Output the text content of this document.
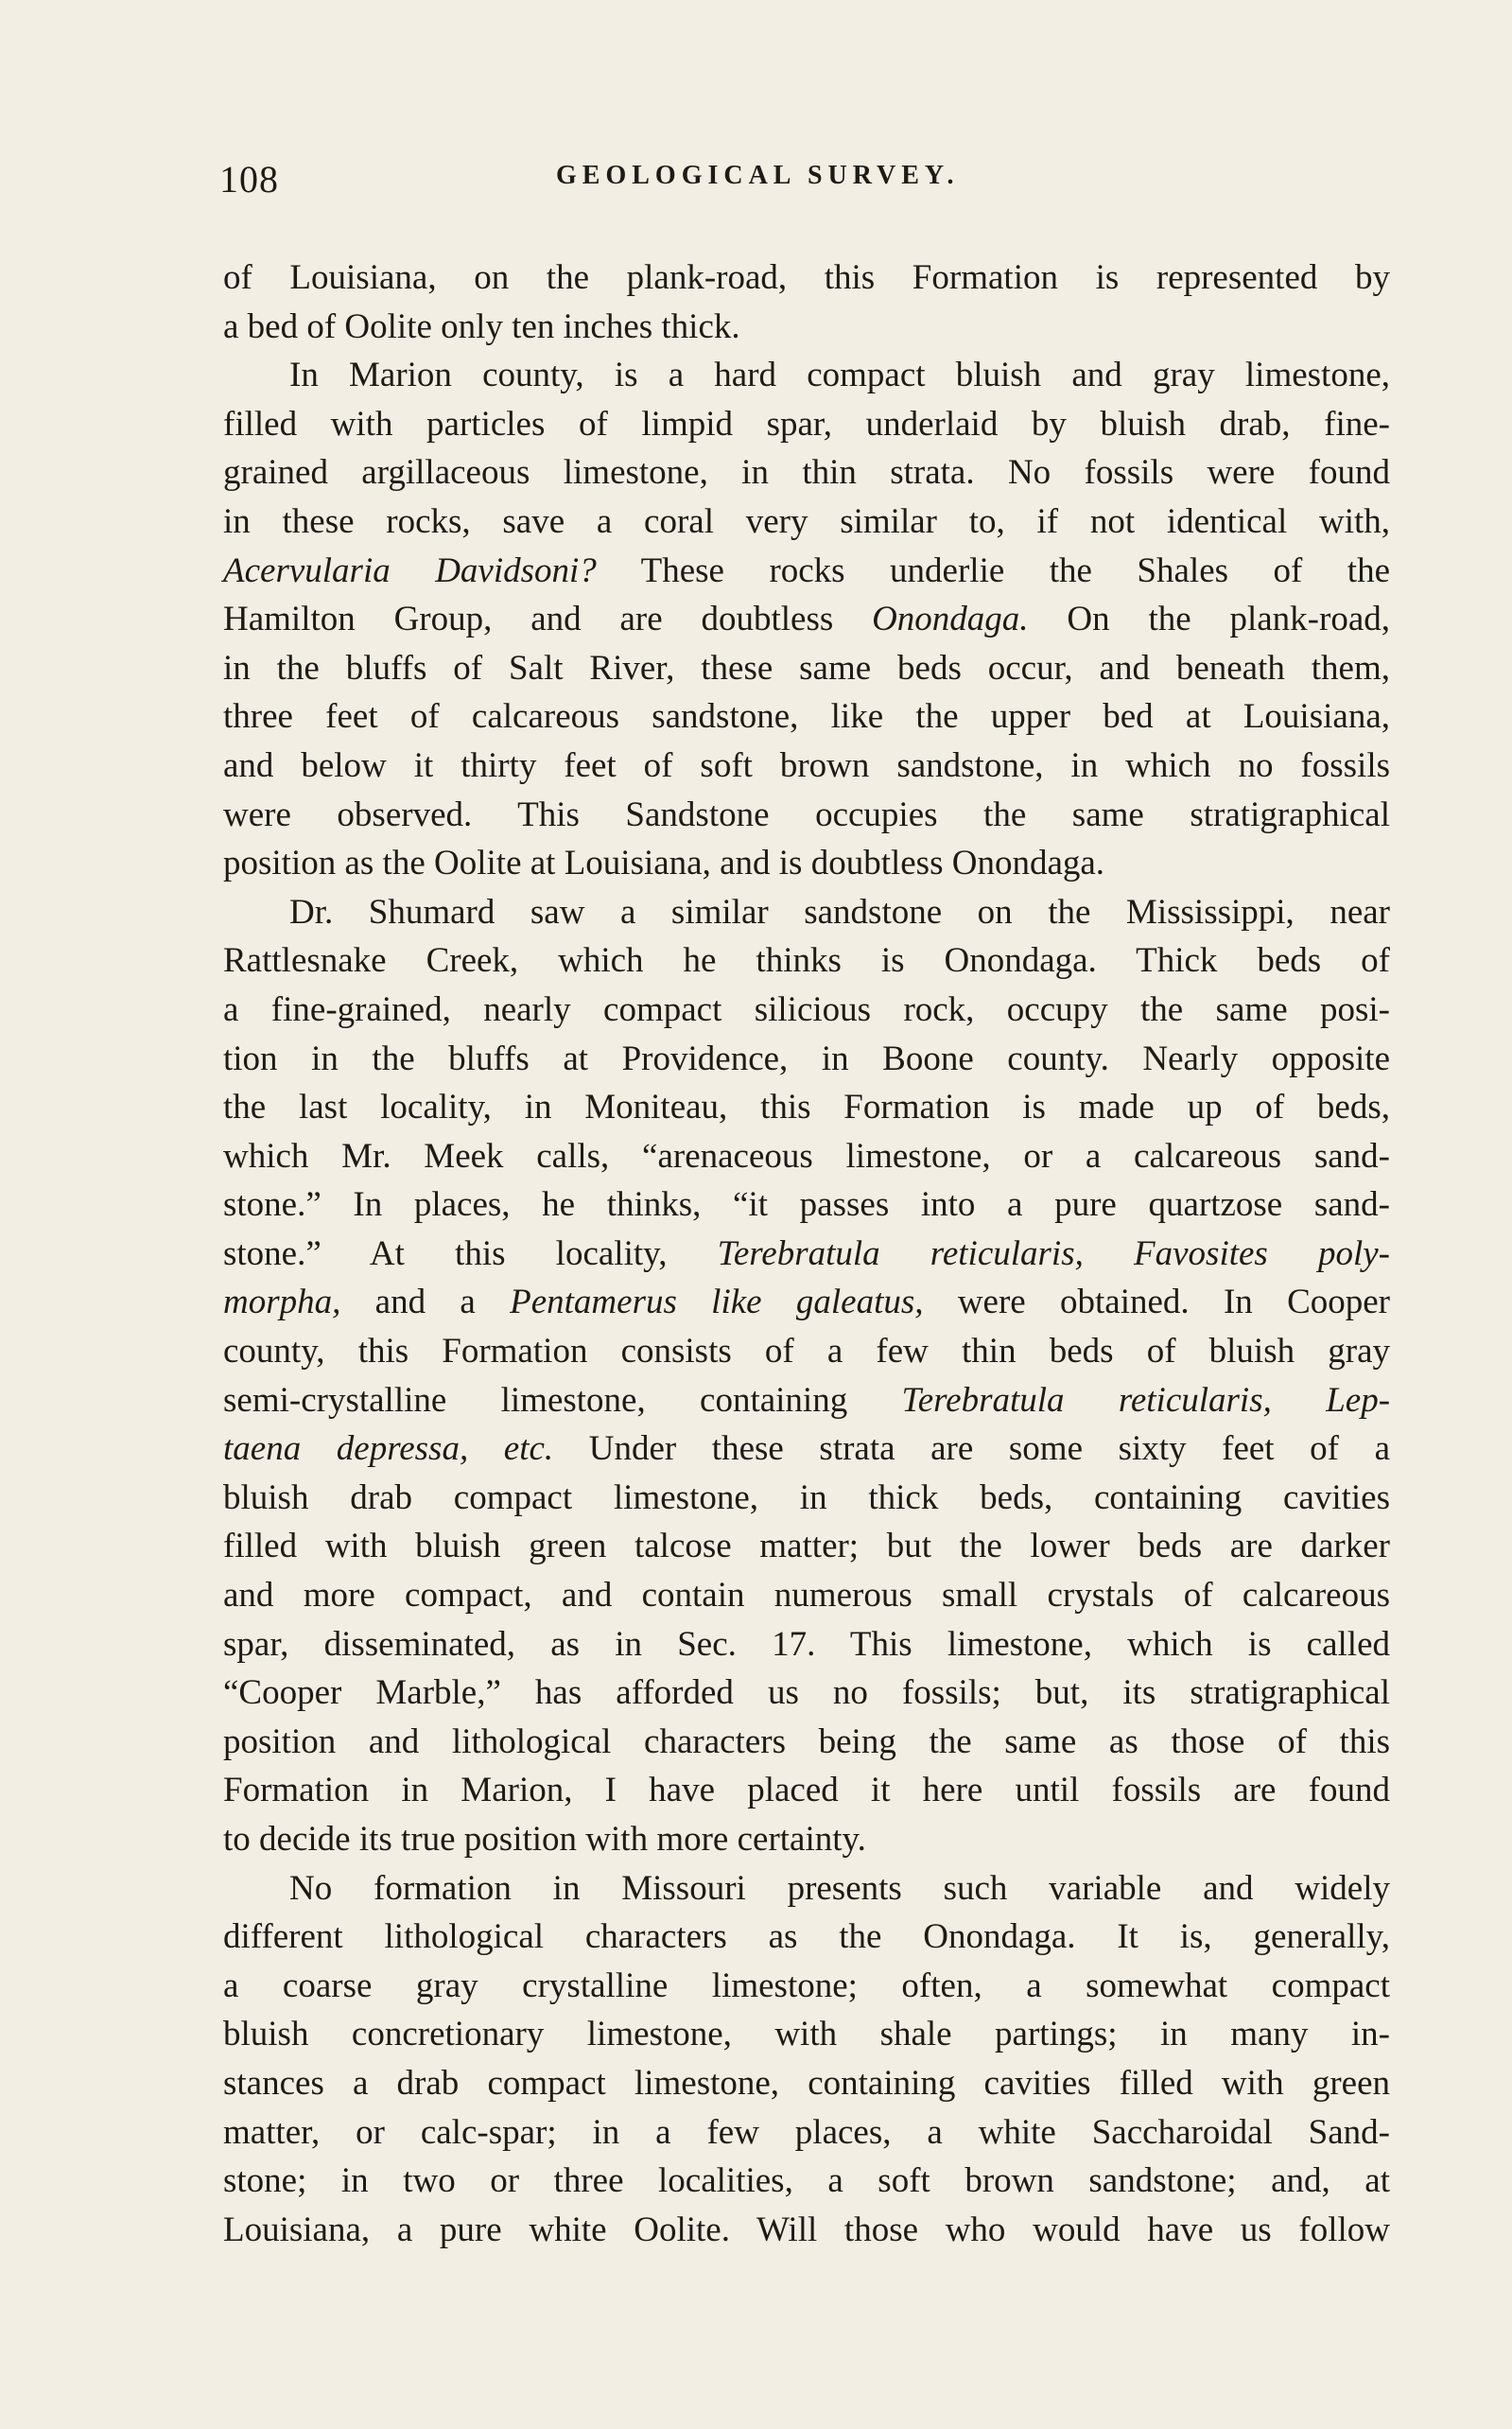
108	GEOLOGICAL SURVEY.

of Louisiana, on the plank-road, this Formation is represented by
a bed of Oolite only ten inches thick.

In Marion county, is a hard compact bluish and gray limestone,
filled with particles of limpid spar, underlaid by bluish drab, fine-
grained argillaceous limestone, in thin strata. No fossils were found
in these rocks, save a coral very similar to, if not identical with,
Acervularia Davidsoni? These rocks underlie the Shales of the
Hamilton Group, and are doubtless Onondaga. On the plank-road,
in the bluffs of Salt River, these same beds occur, and beneath them,
three feet of calcareous sandstone, like the upper bed at Louisiana,
and below it thirty feet of soft brown sandstone, in which no fossils
were observed. This Sandstone occupies the same stratigraphical
position as the Oolite at Louisiana, and is doubtless Onondaga.

Dr. Shumard saw a similar sandstone on the Mississippi, near
Rattlesnake Creek, which he thinks is Onondaga. Thick beds of
a fine-grained, nearly compact silicious rock, occupy the same posi-
tion in the bluffs at Providence, in Boone county. Nearly opposite
the last locality, in Moniteau, this Formation is made up of beds,
which Mr. Meek calls, “arenaceous limestone, or a calcareous sand-
stone.” In places, he thinks, “it passes into a pure quartzose sand-
stone.” At this locality, Terebratula reticularis, Favosites poly-
morpha, and a Pentamerus like galeatus, were obtained. In Cooper
county, this Formation consists of a few thin beds of bluish gray
semi-crystalline limestone, containing Terebratula reticularis, Lep-
taena depressa, etc. Under these strata are some sixty feet of a
bluish drab compact limestone, in thick beds, containing cavities
filled with bluish green talcose matter; but the lower beds are darker
and more compact, and contain numerous small crystals of calcareous
spar, disseminated, as in Sec. 17. This limestone, which is called
“Cooper Marble,” has afforded us no fossils; but, its stratigraphical
position and lithological characters being the same as those of this
Formation in Marion, I have placed it here until fossils are found
to decide its true position with more certainty.

No formation in Missouri presents such variable and widely
different lithological characters as the Onondaga. It is, generally,
a coarse gray crystalline limestone; often, a somewhat compact
bluish concretionary limestone, with shale partings; in many in-
stances a drab compact limestone, containing cavities filled with green
matter, or calc-spar; in a few places, a white Saccharoidal Sand-
stone; in two or three localities, a soft brown sandstone; and, at
Louisiana, a pure white Oolite. Will those who would have us follow
